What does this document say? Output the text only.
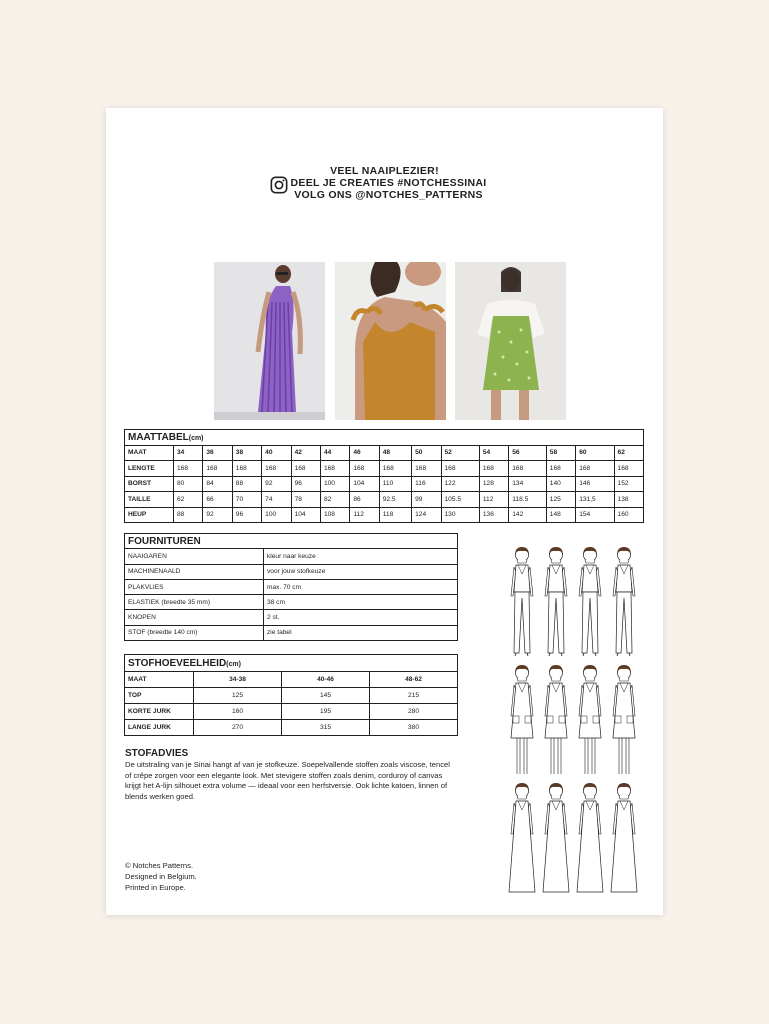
VEEL NAAIPLEZIER!
DEEL JE CREATIES #NOTCHESSINAI
VOLG ONS @NOTCHES_PATTERNS
MAATTABEL(cm)															
MAAT	34	36	38	40	42	44	46	48	50	52	54	56	58	60	62
LENGTE	168	168	168	168	168	168	168	168	168	168	168	168	168	168	168
BORST	80	84	88	92	96	100	104	110	116	122	128	134	140	146	152
TAILLE	62	66	70	74	78	82	86	92.5	99	105.5	112	118.5	125	131,5	138
HEUP	88	92	96	100	104	108	112	118	124	130	136	142	148	154	160
FOURNITUREN	
NAAIGAREN	kleur naar keuze
MACHINENAALD	voor jouw stofkeuze
PLAKVLIES	max. 70 cm
ELASTIEK (breedte 35 mm)	38 cm
KNOPEN	2 st.
STOF (breedte 140 cm)	zie tabel
STOFHOEVEELHEID(cm)			
MAAT	34-38	40-46	48-62
TOP	125	145	215
KORTE JURK	160	195	280
LANGE JURK	270	315	380
STOFADVIES

De uitstraling van je Sinai hangt af van je stofkeuze. Soepelvallende stoffen zoals viscose, tencel of crêpe zorgen voor een elegante look. Met stevigere stoffen zoals denim, corduroy of canvas krijgt het A-lijn silhouet extra volume — ideaal voor een herfstversie. Ook lichte katoen, linnen of blends werken goed.

© Notches Patterns.
Designed in Belgium.
Printed in Europe.
